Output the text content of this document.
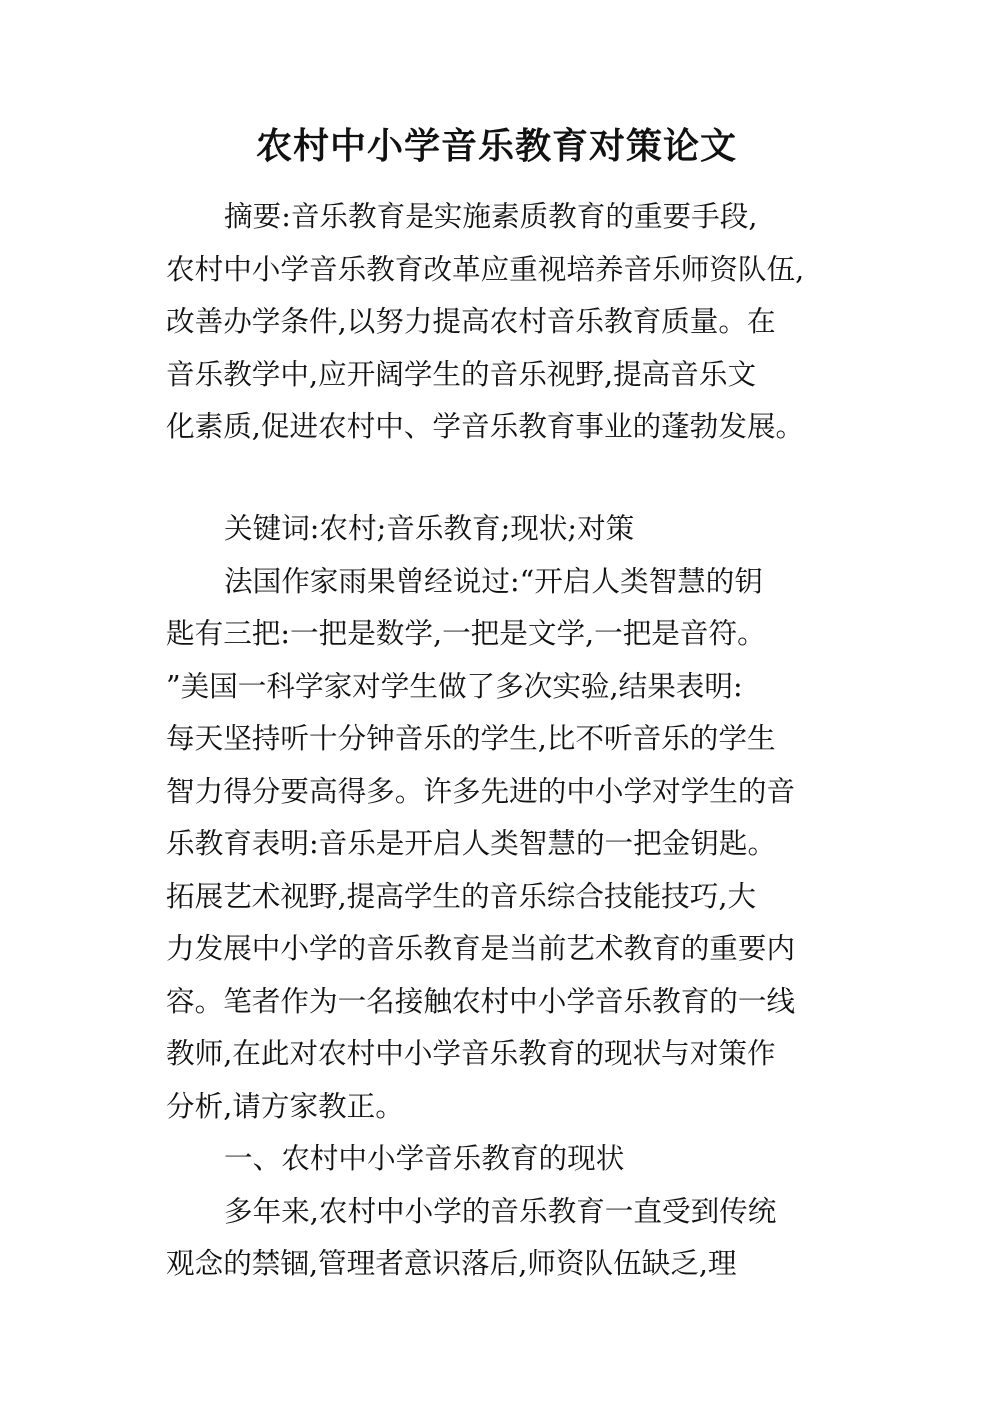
农村中小学音乐教育对策论文
摘要:音乐教育是实施素质教育的重要手段,
农村中小学音乐教育改革应重视培养音乐师资队伍,
改善办学条件,以努力提高农村音乐教育质量。在
音乐教学中,应开阔学生的音乐视野,提高音乐文
化素质,促进农村中、学音乐教育事业的蓬勃发展。
关键词:农村;音乐教育;现状;对策
法国作家雨果曾经说过:“开启人类智慧的钥
匙有三把:一把是数学,一把是文学,一把是音符。
”美国一科学家对学生做了多次实验,结果表明:
每天坚持听十分钟音乐的学生,比不听音乐的学生
智力得分要高得多。许多先进的中小学对学生的音
乐教育表明:音乐是开启人类智慧的一把金钥匙。
拓展艺术视野,提高学生的音乐综合技能技巧,大
力发展中小学的音乐教育是当前艺术教育的重要内
容。笔者作为一名接触农村中小学音乐教育的一线
教师,在此对农村中小学音乐教育的现状与对策作
分析,请方家教正。
一、农村中小学音乐教育的现状
多年来,农村中小学的音乐教育一直受到传统
观念的禁锢,管理者意识落后,师资队伍缺乏,理
